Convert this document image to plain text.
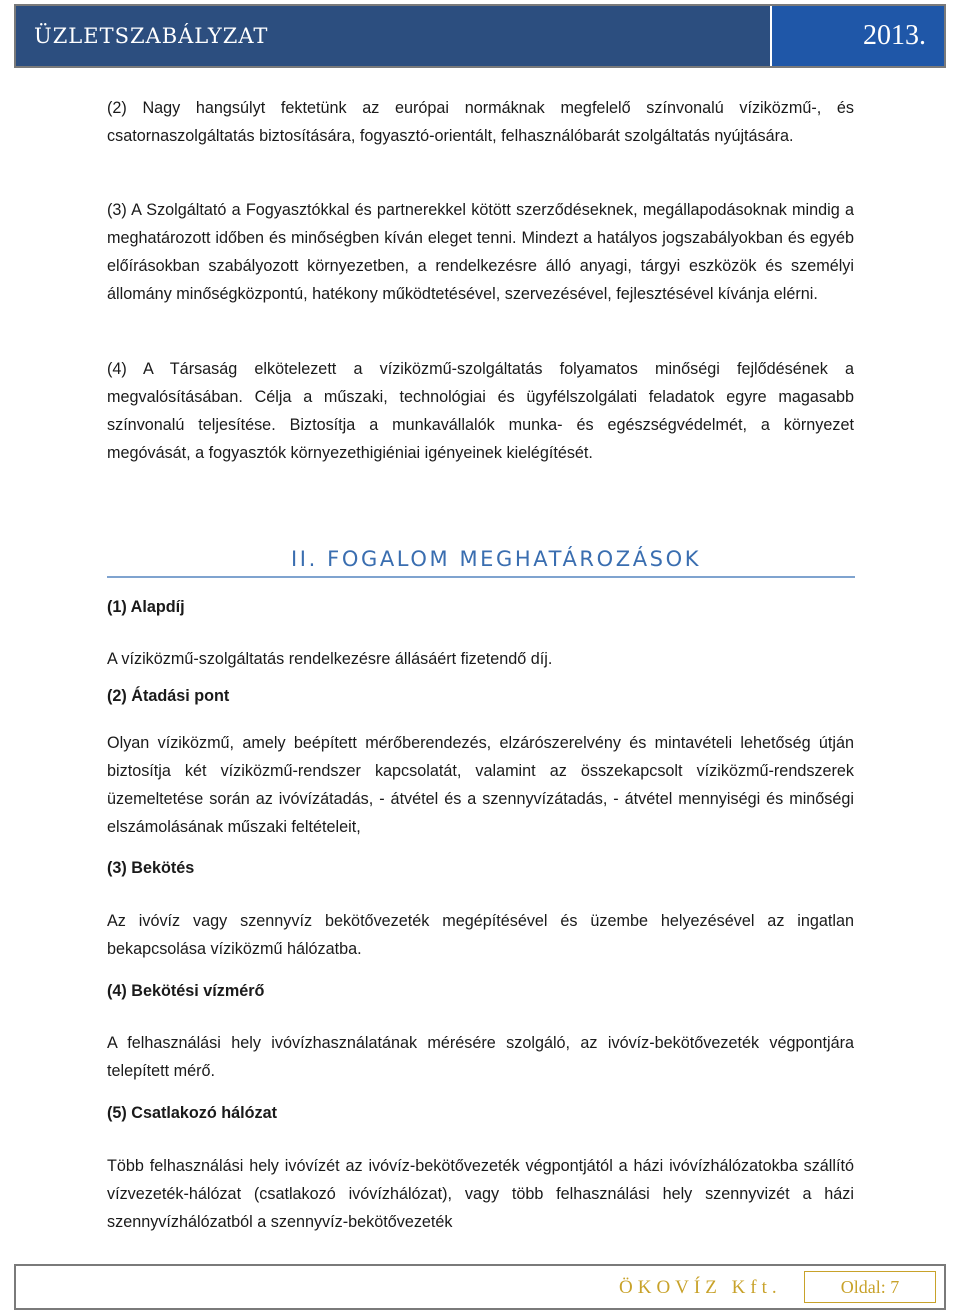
ÜZLETSZABÁLYZAT	2013.

(2) Nagy hangsúlyt fektetünk az európai normáknak megfelelő színvonalú víziközmű-, és csatornaszolgáltatás biztosítására, fogyasztó-orientált, felhasználóbarát szolgáltatás nyújtására.

(3) A Szolgáltató a Fogyasztókkal és partnerekkel kötött szerződéseknek, megállapodásoknak mindig a meghatározott időben és minőségben kíván eleget tenni. Mindezt a hatályos jogszabályokban és egyéb előírásokban szabályozott környezetben, a rendelkezésre álló anyagi, tárgyi eszközök és személyi állomány minőségközpontú, hatékony működtetésével, szervezésével, fejlesztésével kívánja elérni.

(4) A Társaság elkötelezett a víziközmű-szolgáltatás folyamatos minőségi fejlődésének a megvalósításában. Célja a műszaki, technológiai és ügyfélszolgálati feladatok egyre magasabb színvonalú teljesítése. Biztosítja a munkavállalók munka- és egészségvédelmét, a környezet megóvását, a fogyasztók környezethigiéniai igényeinek kielégítését.

II. FOGALOM MEGHATÁROZÁSOK

(1) Alapdíj

A víziközmű-szolgáltatás rendelkezésre állásáért fizetendő díj.

(2) Átadási pont

Olyan víziközmű, amely beépített mérőberendezés, elzárószerelvény és mintavételi lehetőség útján biztosítja két víziközmű-rendszer kapcsolatát, valamint az összekapcsolt víziközmű-rendszerek üzemeltetése során az ivóvízátadás, - átvétel és a szennyvízátadás, - átvétel mennyiségi és minőségi elszámolásának műszaki feltételeit,

(3) Bekötés

Az ivóvíz vagy szennyvíz bekötővezeték megépítésével és üzembe helyezésével az ingatlan bekapcsolása víziközmű hálózatba.

(4) Bekötési vízmérő

A felhasználási hely ivóvízhasználatának mérésére szolgáló, az ivóvíz-bekötővezeték végpontjára telepített mérő.

(5) Csatlakozó hálózat

Több felhasználási hely ivóvízét az ivóvíz-bekötővezeték végpontjától a házi ivóvízhálózatokba szállító vízvezeték-hálózat (csatlakozó ivóvízhálózat), vagy több felhasználási hely szennyvizét a házi szennyvízhálózatból a szennyvíz-bekötővezeték

ÖKOVÍZ Kft.	Oldal: 7
